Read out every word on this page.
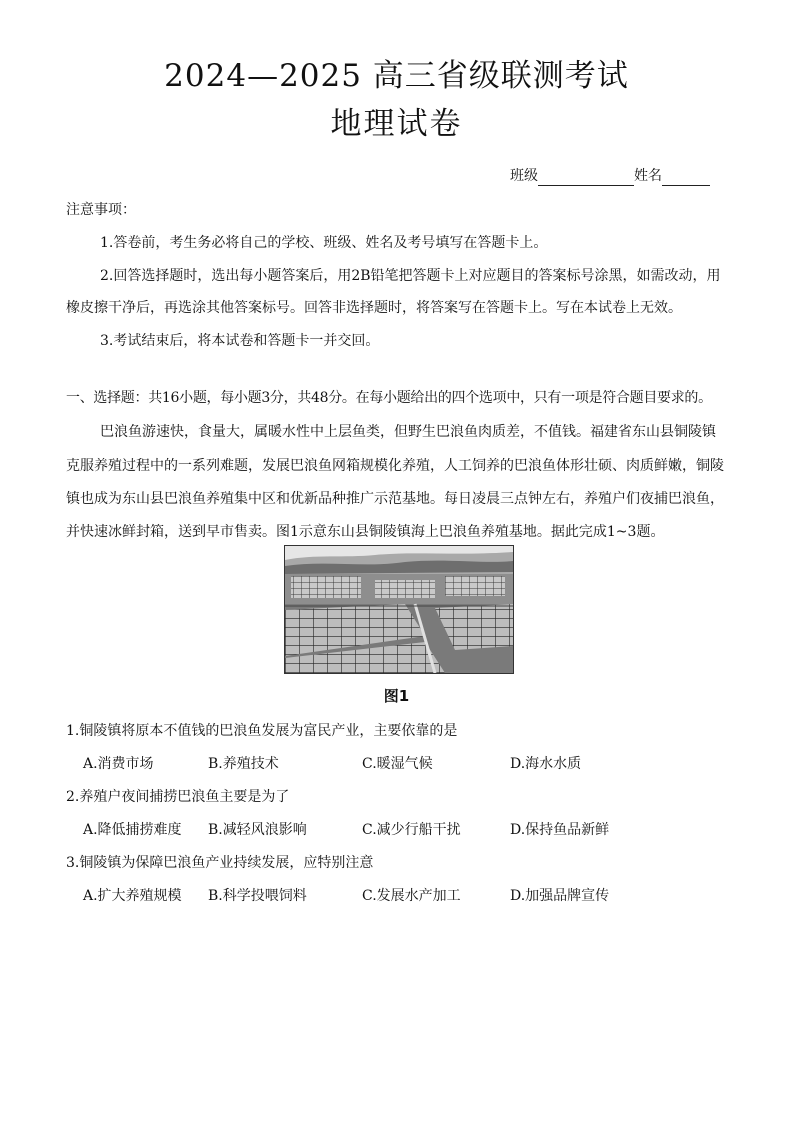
2024—2025 高三省级联测考试
地理试卷
班级	姓名
注意事项：
1.答卷前，考生务必将自己的学校、班级、姓名及考号填写在答题卡上。
2.回答选择题时，选出每小题答案后，用2B铅笔把答题卡上对应题目的答案标号涂黑，如需改动，用
橡皮擦干净后，再选涂其他答案标号。回答非选择题时，将答案写在答题卡上。写在本试卷上无效。
3.考试结束后，将本试卷和答题卡一并交回。
一、选择题：共16小题，每小题3分，共48分。在每小题给出的四个选项中，只有一项是符合题目要求的。
巴浪鱼游速快，食量大，属暖水性中上层鱼类，但野生巴浪鱼肉质差，不值钱。福建省东山县铜陵镇
克服养殖过程中的一系列难题，发展巴浪鱼网箱规模化养殖，人工饲养的巴浪鱼体形壮硕、肉质鲜嫩，铜陵
镇也成为东山县巴浪鱼养殖集中区和优新品种推广示范基地。每日凌晨三点钟左右，养殖户们夜捕巴浪鱼，
并快速冰鲜封箱，送到早市售卖。图1示意东山县铜陵镇海上巴浪鱼养殖基地。据此完成1~3题。
图1
1.铜陵镇将原本不值钱的巴浪鱼发展为富民产业，主要依靠的是
A.消费市场	B.养殖技术	C.暖湿气候	D.海水水质
2.养殖户夜间捕捞巴浪鱼主要是为了
A.降低捕捞难度 B.减轻风浪影响	C.减少行船干扰	D.保持鱼品新鲜
3.铜陵镇为保障巴浪鱼产业持续发展，应特别注意
A.扩大养殖规模 B.科学投喂饲料	C.发展水产加工	D.加强品牌宣传
